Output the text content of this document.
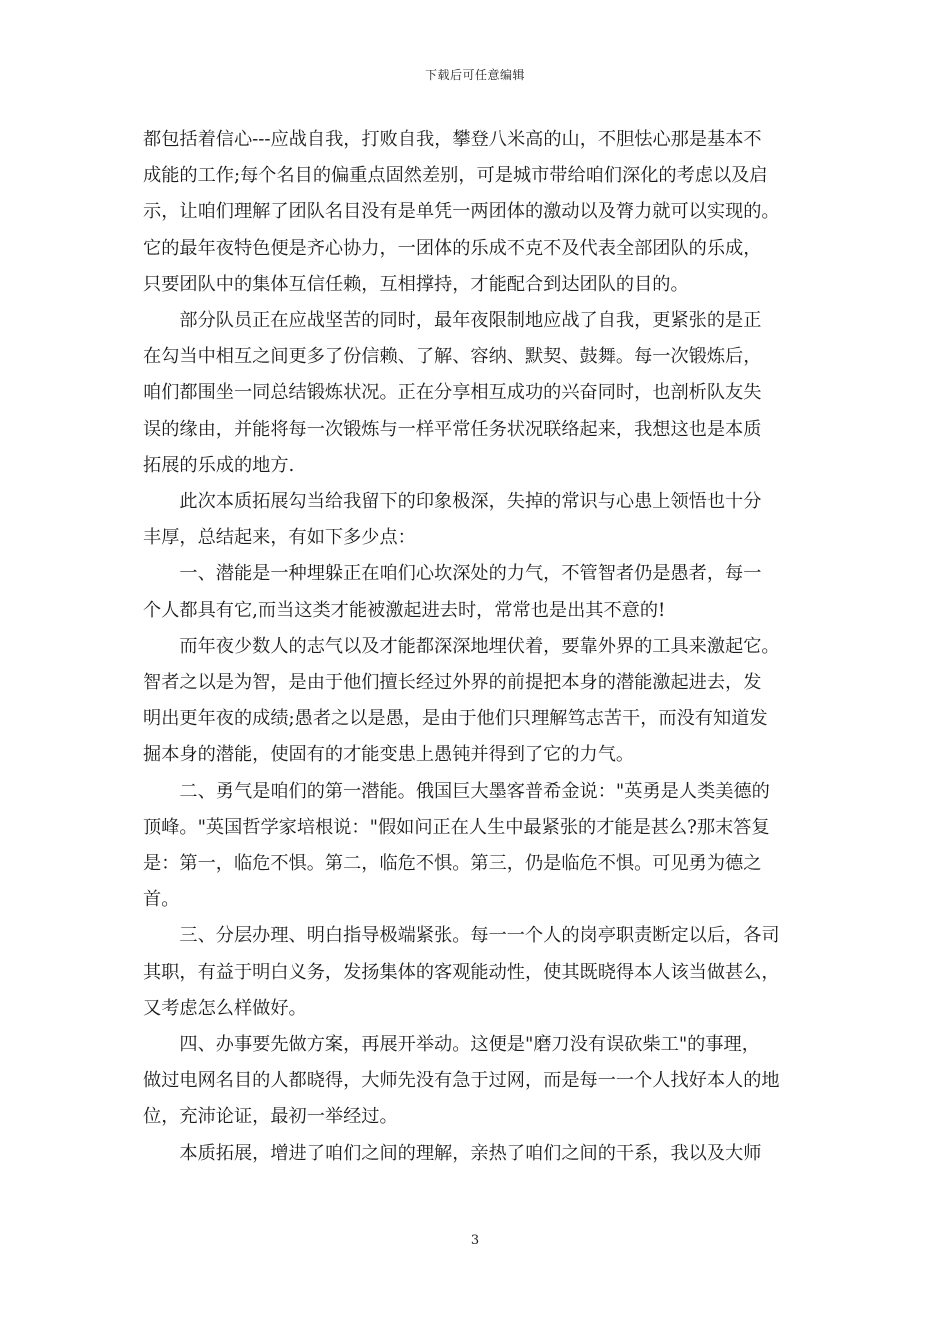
下载后可任意编辑

都包括着信心---应战自我，打败自我，攀登八米高的山，不胆怯心那是基本不
成能的工作;每个名目的偏重点固然差别，可是城市带给咱们深化的考虑以及启
示，让咱们理解了团队名目没有是单凭一两团体的激动以及膂力就可以实现的。
它的最年夜特色便是齐心协力，一团体的乐成不克不及代表全部团队的乐成，
只要团队中的集体互信任赖，互相撑持，才能配合到达团队的目的。

部分队员正在应战坚苦的同时，最年夜限制地应战了自我，更紧张的是正
在勾当中相互之间更多了份信赖、了解、容纳、默契、鼓舞。每一次锻炼后，
咱们都围坐一同总结锻炼状况。正在分享相互成功的兴奋同时，也剖析队友失
误的缘由，并能将每一次锻炼与一样平常任务状况联络起来，我想这也是本质
拓展的乐成的地方.

此次本质拓展勾当给我留下的印象极深，失掉的常识与心患上领悟也十分
丰厚，总结起来，有如下多少点：

一、潜能是一种埋躲正在咱们心坎深处的力气，不管智者仍是愚者，每一
个人都具有它,而当这类才能被激起进去时，常常也是出其不意的!

而年夜少数人的志气以及才能都深深地埋伏着，要靠外界的工具来激起它。
智者之以是为智，是由于他们擅长经过外界的前提把本身的潜能激起进去，发
明出更年夜的成绩;愚者之以是愚，是由于他们只理解笃志苦干，而没有知道发
掘本身的潜能，使固有的才能变患上愚钝并得到了它的力气。

二、勇气是咱们的第一潜能。俄国巨大墨客普希金说："英勇是人类美德的
顶峰。"英国哲学家培根说："假如问正在人生中最紧张的才能是甚么?那末答复
是：第一，临危不惧。第二，临危不惧。第三，仍是临危不惧。可见勇为德之
首。

三、分层办理、明白指导极端紧张。每一一个人的岗亭职责断定以后，各司
其职，有益于明白义务，发扬集体的客观能动性，使其既晓得本人该当做甚么，
又考虑怎么样做好。

四、办事要先做方案，再展开举动。这便是"磨刀没有误砍柴工"的事理，
做过电网名目的人都晓得，大师先没有急于过网，而是每一一个人找好本人的地
位，充沛论证，最初一举经过。

本质拓展，增进了咱们之间的理解，亲热了咱们之间的干系，我以及大师

3
